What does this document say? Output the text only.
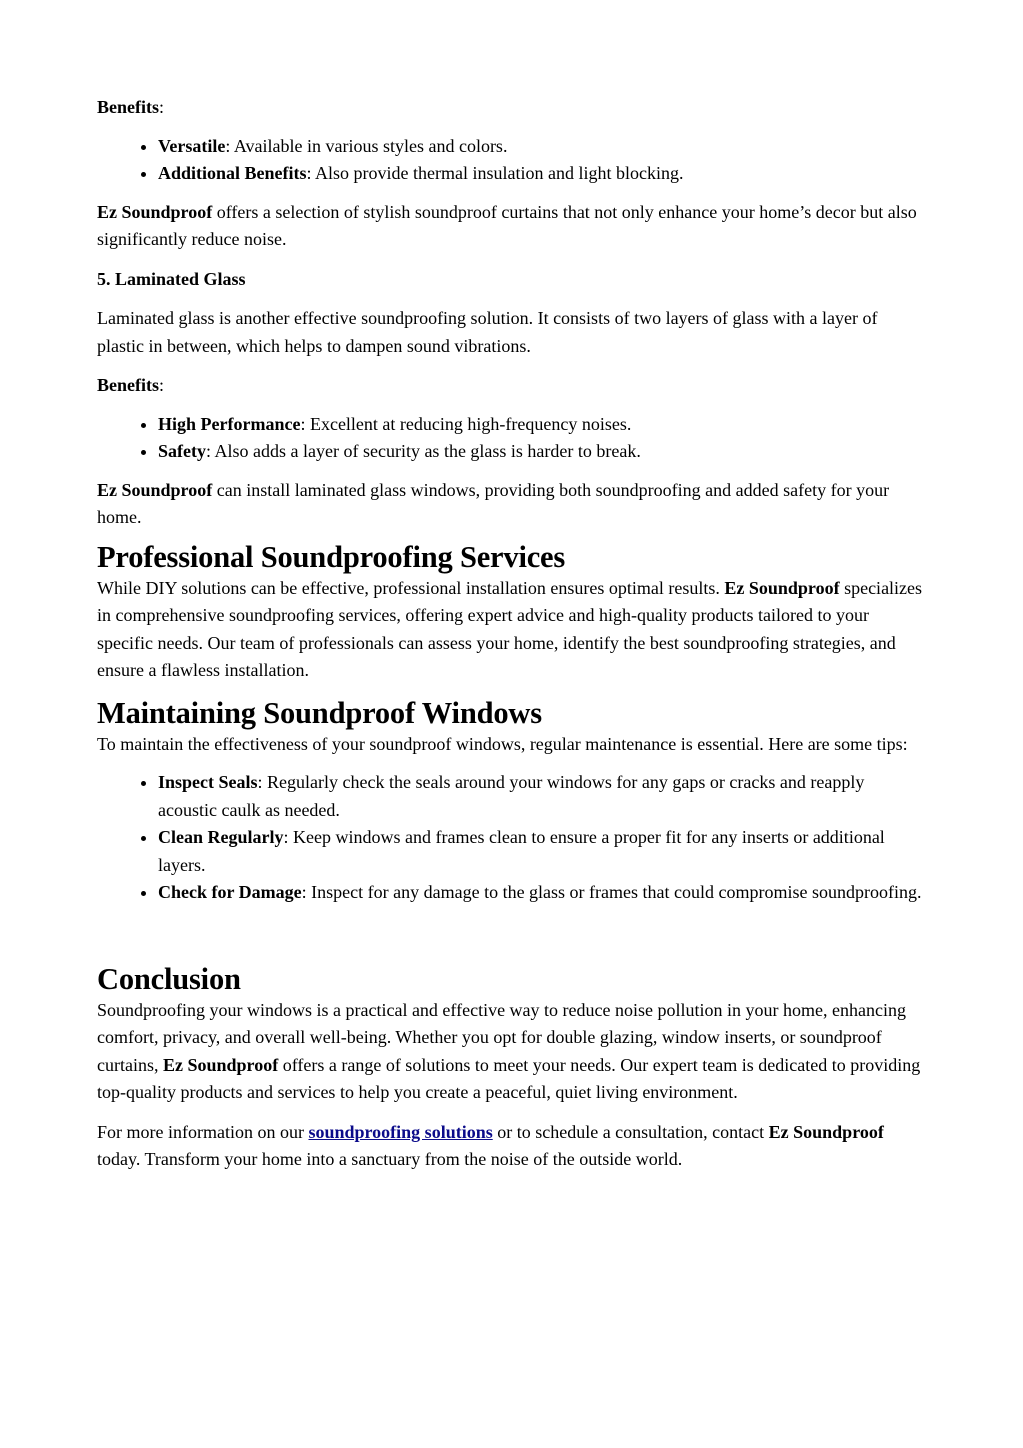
Benefits:

• Versatile: Available in various styles and colors.
• Additional Benefits: Also provide thermal insulation and light blocking.

Ez Soundproof offers a selection of stylish soundproof curtains that not only enhance your home’s decor but also significantly reduce noise.

5. Laminated Glass

Laminated glass is another effective soundproofing solution. It consists of two layers of glass with a layer of plastic in between, which helps to dampen sound vibrations.

Benefits:

• High Performance: Excellent at reducing high-frequency noises.
• Safety: Also adds a layer of security as the glass is harder to break.

Ez Soundproof can install laminated glass windows, providing both soundproofing and added safety for your home.

Professional Soundproofing Services

While DIY solutions can be effective, professional installation ensures optimal results. Ez Soundproof specializes in comprehensive soundproofing services, offering expert advice and high-quality products tailored to your specific needs. Our team of professionals can assess your home, identify the best soundproofing strategies, and ensure a flawless installation.

Maintaining Soundproof Windows

To maintain the effectiveness of your soundproof windows, regular maintenance is essential. Here are some tips:

• Inspect Seals: Regularly check the seals around your windows for any gaps or cracks and reapply acoustic caulk as needed.
• Clean Regularly: Keep windows and frames clean to ensure a proper fit for any inserts or additional layers.
• Check for Damage: Inspect for any damage to the glass or frames that could compromise soundproofing.
Conclusion

Soundproofing your windows is a practical and effective way to reduce noise pollution in your home, enhancing comfort, privacy, and overall well-being. Whether you opt for double glazing, window inserts, or soundproof curtains, Ez Soundproof offers a range of solutions to meet your needs. Our expert team is dedicated to providing top-quality products and services to help you create a peaceful, quiet living environment.

For more information on our soundproofing solutions or to schedule a consultation, contact Ez Soundproof today. Transform your home into a sanctuary from the noise of the outside world.
